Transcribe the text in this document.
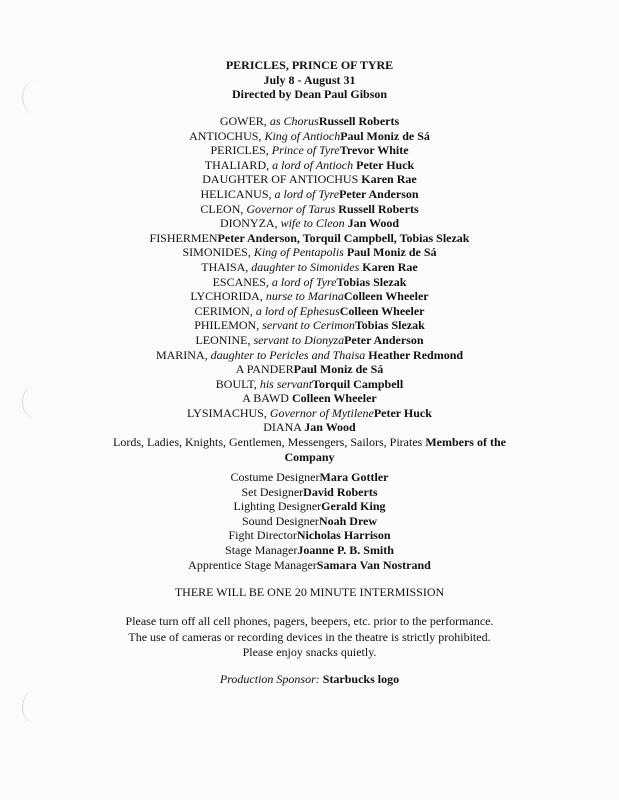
PERICLES, PRINCE OF TYRE
July 8 - August 31
Directed by Dean Paul Gibson
GOWER, as ChorusRussell Roberts
ANTIOCHUS, King of AntiochPaul Moniz de Sá
PERICLES, Prince of TyreTrevor White
THALIARD, a lord of Antioch Peter Huck
DAUGHTER OF ANTIOCHUS Karen Rae
HELICANUS, a lord of TyrePeter Anderson
CLEON, Governor of Tarus Russell Roberts
DIONYZA, wife to Cleon Jan Wood
FISHERMENPeter Anderson, Torquil Campbell, Tobias Slezak
SIMONIDES, King of Pentapolis Paul Moniz de Sá
THAISA, daughter to Simonides Karen Rae
ESCANES, a lord of TyreTobias Slezak
LYCHORIDA, nurse to MarinaColleen Wheeler
CERIMON, a lord of EphesusColleen Wheeler
PHILEMON, servant to CerimonTobias Slezak
LEONINE, servant to DionyzaPeter Anderson
MARINA, daughter to Pericles and Thaisa Heather Redmond
A PANDERPaul Moniz de Sá
BOULT, his servantTorquil Campbell
A BAWD Colleen Wheeler
LYSIMACHUS, Governor of MytilenePeter Huck
DIANA Jan Wood
Lords, Ladies, Knights, Gentlemen, Messengers, Sailors, Pirates Members of the
Company
Costume DesignerMara Gottler
Set DesignerDavid Roberts
Lighting DesignerGerald King
Sound DesignerNoah Drew
Fight DirectorNicholas Harrison
Stage ManagerJoanne P. B. Smith
Apprentice Stage ManagerSamara Van Nostrand
THERE WILL BE ONE 20 MINUTE INTERMISSION
Please turn off all cell phones, pagers, beepers, etc. prior to the performance.
The use of cameras or recording devices in the theatre is strictly prohibited.
Please enjoy snacks quietly.
Production Sponsor: Starbucks logo
